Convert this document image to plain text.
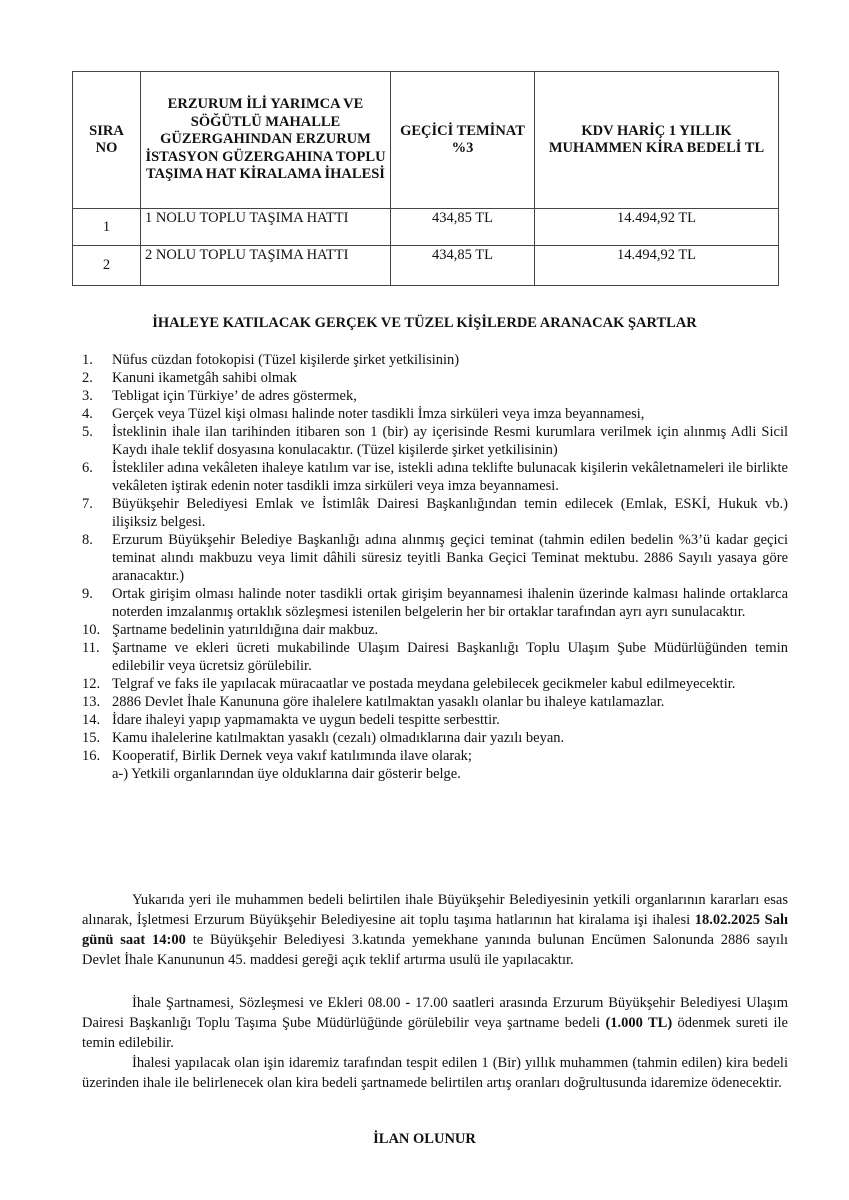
SIRA NO	ERZURUM İLİ YARIMCA VE SÖĞÜTLÜ MAHALLE GÜZERGAHINDAN ERZURUM İSTASYON GÜZERGAHINA TOPLU TAŞIMA HAT KİRALAMA İHALESİ	GEÇİCİ TEMİNAT %3	KDV HARİÇ 1 YILLIK MUHAMMEN KİRA BEDELİ TL
1	1 NOLU TOPLU TAŞIMA HATTI	434,85 TL	14.494,92 TL
2	2 NOLU TOPLU TAŞIMA HATTI	434,85 TL	14.494,92 TL
İHALEYE KATILACAK GERÇEK VE TÜZEL KİŞİLERDE ARANACAK ŞARTLAR
1.	Nüfus cüzdan fotokopisi (Tüzel kişilerde şirket yetkilisinin)
2.	Kanuni ikametgâh sahibi olmak
3.	Tebligat için Türkiye’ de adres göstermek,
4.	Gerçek veya Tüzel kişi olması halinde noter tasdikli İmza sirküleri veya imza beyannamesi,
5.	İsteklinin ihale ilan tarihinden itibaren son 1 (bir) ay içerisinde Resmi kurumlara verilmek için alınmış Adli Sicil Kaydı ihale teklif dosyasına konulacaktır. (Tüzel kişilerde şirket yetkilisinin)
6.	İstekliler adına vekâleten ihaleye katılım var ise, istekli adına teklifte bulunacak kişilerin vekâletnameleri ile birlikte vekâleten iştirak edenin noter tasdikli imza sirküleri veya imza beyannamesi.
7.	Büyükşehir Belediyesi Emlak ve İstimlâk Dairesi Başkanlığından temin edilecek (Emlak, ESKİ, Hukuk vb.) ilişiksiz belgesi.
8.	Erzurum Büyükşehir Belediye Başkanlığı adına alınmış geçici teminat (tahmin edilen bedelin %3’ü kadar geçici teminat alındı makbuzu veya limit dâhili süresiz teyitli Banka Geçici Teminat mektubu. 2886 Sayılı yasaya göre aranacaktır.)
9.	Ortak girişim olması halinde noter tasdikli ortak girişim beyannamesi ihalenin üzerinde kalması halinde ortaklarca noterden imzalanmış ortaklık sözleşmesi istenilen belgelerin her bir ortaklar tarafından ayrı ayrı sunulacaktır.
10. Şartname bedelinin yatırıldığına dair makbuz.
11. Şartname ve ekleri ücreti mukabilinde Ulaşım Dairesi Başkanlığı Toplu Ulaşım Şube Müdürlüğünden temin edilebilir veya ücretsiz görülebilir.
12. Telgraf ve faks ile yapılacak müracaatlar ve postada meydana gelebilecek gecikmeler kabul edilmeyecektir.
13. 2886 Devlet İhale Kanununa göre ihalelere katılmaktan yasaklı olanlar bu ihaleye katılamazlar.
14. İdare ihaleyi yapıp yapmamakta ve uygun bedeli tespitte serbesttir.
15. Kamu ihalelerine katılmaktan yasaklı (cezalı) olmadıklarına dair yazılı beyan.
16. Kooperatif, Birlik Dernek veya vakıf katılımında ilave olarak;
a-) Yetkili organlarından üye olduklarına dair gösterir belge.

Yukarıda yeri ile muhammen bedeli belirtilen ihale Büyükşehir Belediyesinin yetkili organlarının kararları esas alınarak, İşletmesi Erzurum Büyükşehir Belediyesine ait toplu taşıma hatlarının hat kiralama işi ihalesi 18.02.2025 Salı günü saat 14:00 te Büyükşehir Belediyesi 3.katında yemekhane yanında bulunan Encümen Salonunda 2886 sayılı Devlet İhale Kanununun 45. maddesi gereği açık teklif artırma usulü ile yapılacaktır.

İhale Şartnamesi, Sözleşmesi ve Ekleri 08.00 - 17.00 saatleri arasında Erzurum Büyükşehir Belediyesi Ulaşım Dairesi Başkanlığı Toplu Taşıma Şube Müdürlüğünde görülebilir veya şartname bedeli (1.000 TL) ödenmek sureti ile temin edilebilir.

İhalesi yapılacak olan işin idaremiz tarafından tespit edilen 1 (Bir) yıllık muhammen (tahmin edilen) kira bedeli üzerinden ihale ile belirlenecek olan kira bedeli şartnamede belirtilen artış oranları doğrultusunda idaremize ödenecektir.

İLAN OLUNUR
